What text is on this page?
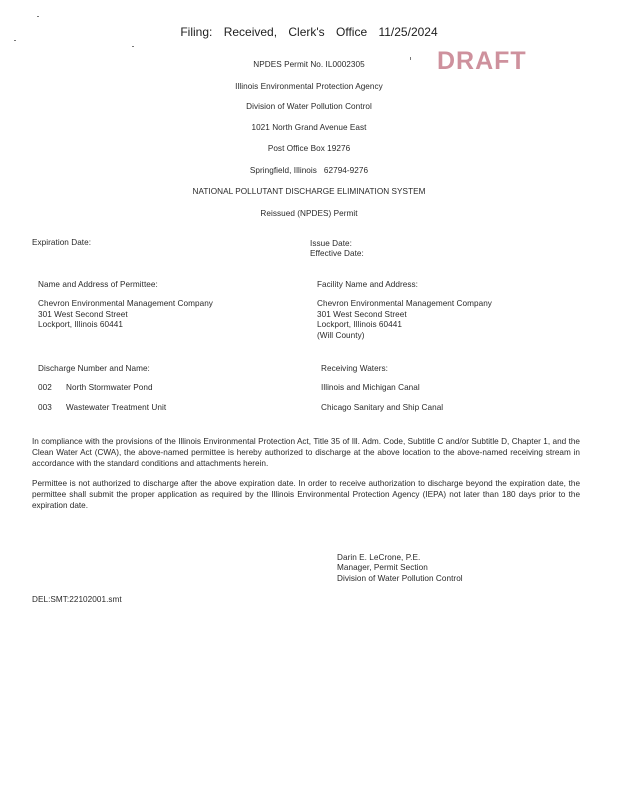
Filing: Received, Clerk's Office 11/25/2024
DRAFT
NPDES Permit No. IL0002305
Illinois Environmental Protection Agency
Division of Water Pollution Control
1021 North Grand Avenue East
Post Office Box 19276
Springfield, Illinois   62794-9276
NATIONAL POLLUTANT DISCHARGE ELIMINATION SYSTEM
Reissued (NPDES) Permit
Expiration Date:	Issue Date:
Effective Date:
Name and Address of Permittee:
Chevron Environmental Management Company
301 West Second Street
Lockport, Illinois 60441
Facility Name and Address:
Chevron Environmental Management Company
301 West Second Street
Lockport, Illinois 60441
(Will County)
Discharge Number and Name:	Receiving Waters:
002 North Stormwater Pond	Illinois and Michigan Canal
003 Wastewater Treatment Unit	Chicago Sanitary and Ship Canal
In compliance with the provisions of the Illinois Environmental Protection Act, Title 35 of Ill. Adm. Code, Subtitle C and/or Subtitle D, Chapter 1, and the Clean Water Act (CWA), the above-named permittee is hereby authorized to discharge at the above location to the above-named receiving stream in accordance with the standard conditions and attachments herein.
Permittee is not authorized to discharge after the above expiration date. In order to receive authorization to discharge beyond the expiration date, the permittee shall submit the proper application as required by the Illinois Environmental Protection Agency (IEPA) not later than 180 days prior to the expiration date.
Darin E. LeCrone, P.E.
Manager, Permit Section
Division of Water Pollution Control
DEL:SMT:22102001.smt
